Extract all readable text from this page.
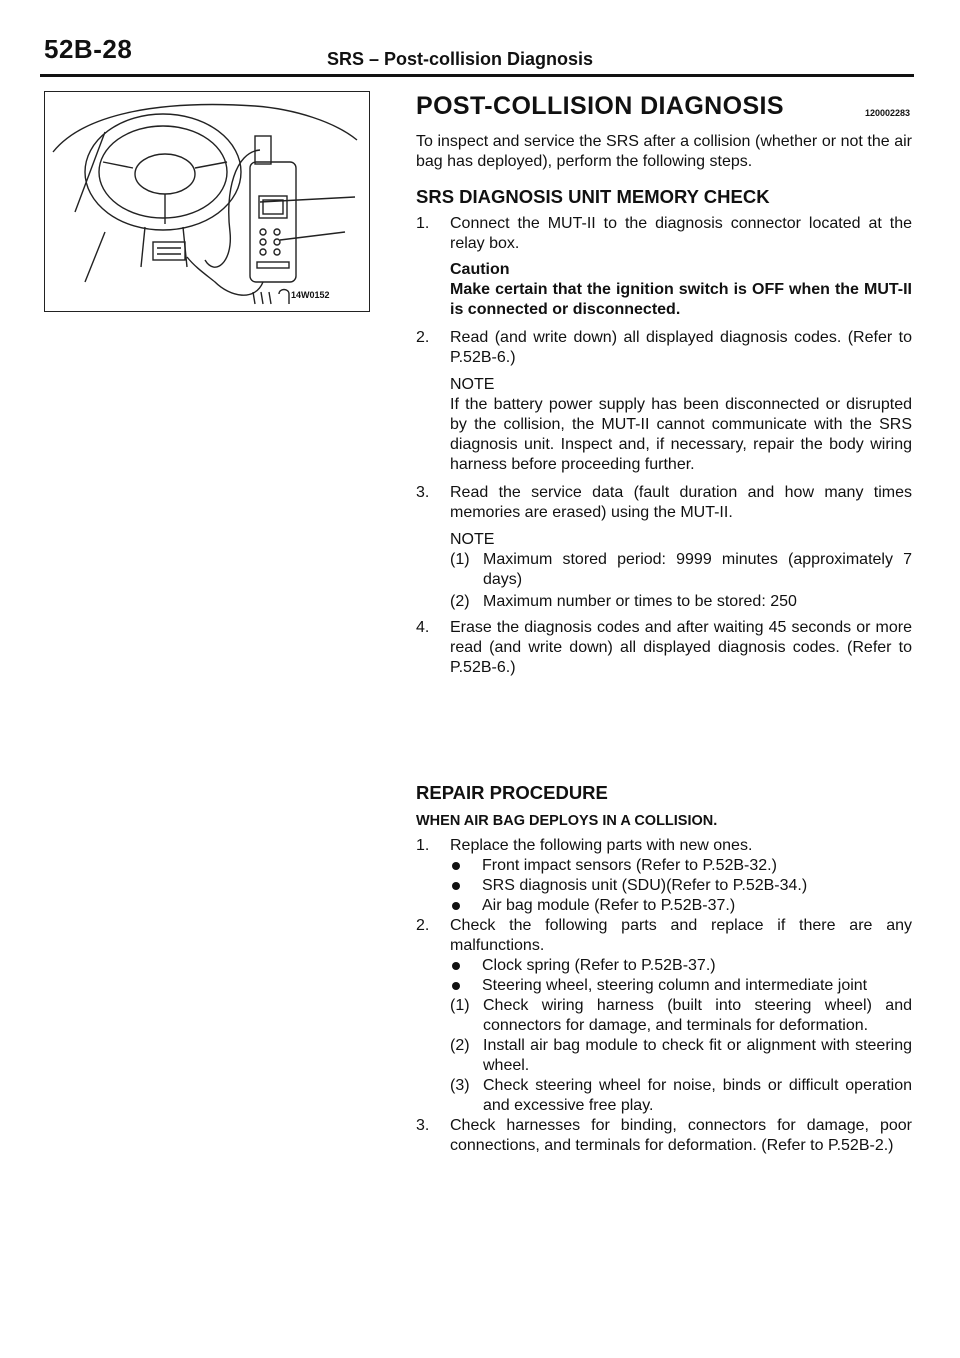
52B-28	SRS – Post-collision Diagnosis
14W0152
POST-COLLISION DIAGNOSIS	120002283

To inspect and service the SRS after a collision (whether or not the air bag has deployed), perform the following steps.

SRS DIAGNOSIS UNIT MEMORY CHECK

1. Connect the MUT-II to the diagnosis connector located at the relay box.

Caution

Make certain that the ignition switch is OFF when the MUT-II is connected or disconnected.

2. Read (and write down) all displayed diagnosis codes. (Refer to P.52B-6.)

NOTE

If the battery power supply has been disconnected or disrupted by the collision, the MUT-II cannot communicate with the SRS diagnosis unit. Inspect and, if necessary, repair the body wiring harness before proceeding further.

3. Read the service data (fault duration and how many times memories are erased) using the MUT-II.

NOTE

(1) Maximum stored period: 9999 minutes (approximately 7 days)

(2) Maximum number or times to be stored: 250

4. Erase the diagnosis codes and after waiting 45 seconds or more read (and write down) all displayed diagnosis codes. (Refer to P.52B-6.)

REPAIR PROCEDURE

WHEN AIR BAG DEPLOYS IN A COLLISION.

1. Replace the following parts with new ones.

Front impact sensors (Refer to P.52B-32.)

SRS diagnosis unit (SDU)(Refer to P.52B-34.)

Air bag module (Refer to P.52B-37.)

2. Check the following parts and replace if there are any malfunctions.

Clock spring (Refer to P.52B-37.)

Steering wheel, steering column and intermediate joint

(1) Check wiring harness (built into steering wheel) and connectors for damage, and terminals for deformation.

(2) Install air bag module to check fit or alignment with steering wheel.

(3) Check steering wheel for noise, binds or difficult operation and excessive free play.

3. Check harnesses for binding, connectors for damage, poor connections, and terminals for deformation. (Refer to P.52B-2.)
